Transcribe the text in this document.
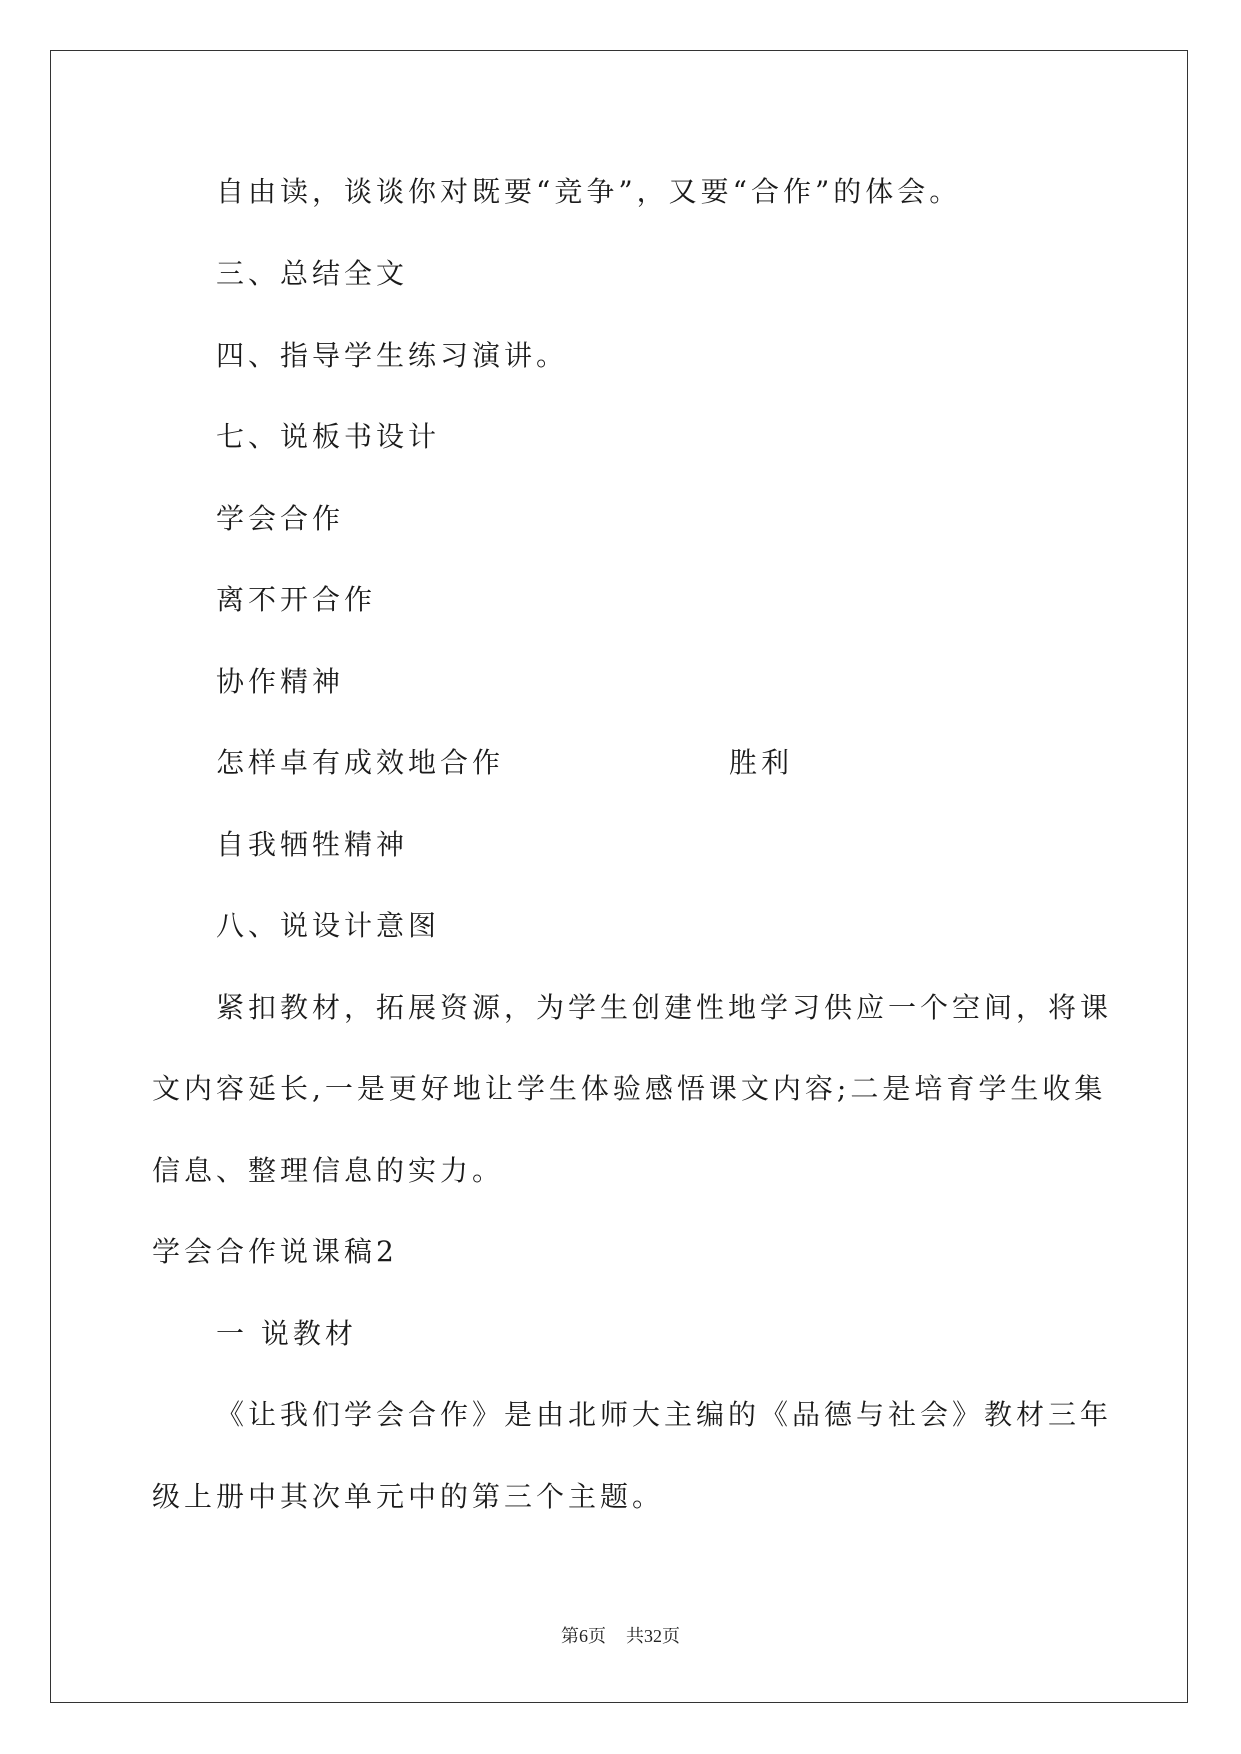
自由读，谈谈你对既要“竞争”，又要“合作”的体会。
三、总结全文
四、指导学生练习演讲。
七、说板书设计
学会合作
离不开合作
协作精神
怎样卓有成效地合作	胜利
自我牺牲精神
八、说设计意图
紧扣教材，拓展资源，为学生创建性地学习供应一个空间，将课
文内容延长,一是更好地让学生体验感悟课文内容;二是培育学生收集
信息、整理信息的实力。
学会合作说课稿2
一 说教材
《让我们学会合作》是由北师大主编的《品德与社会》教材三年
级上册中其次单元中的第三个主题。
第6页 共32页
